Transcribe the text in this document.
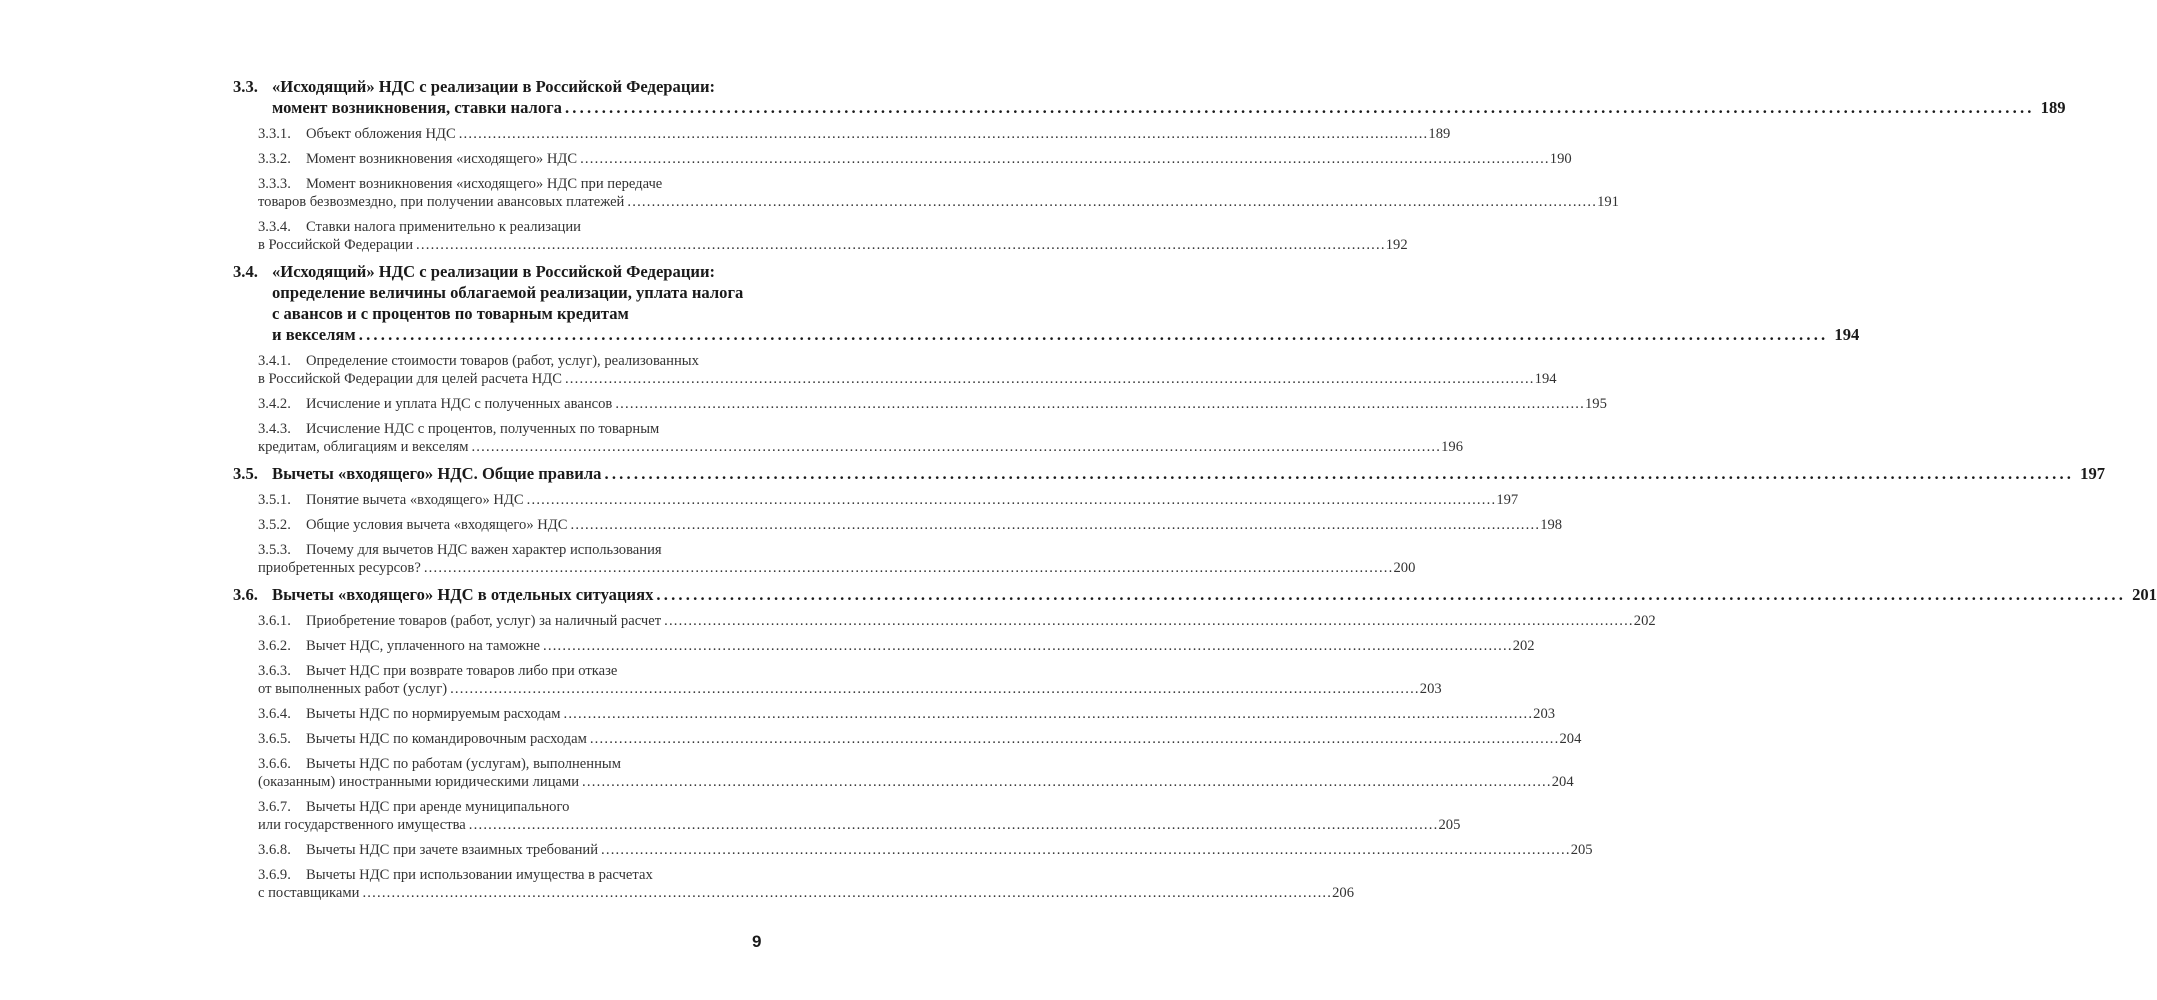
3.3. «Исходящий» НДС с реализации в Российской Федерации:
момент возникновения, ставки налога ........................................................................................................................................................................................................ 189
3.3.1.	Объект обложения НДС ........................................................................................................................................................................................................ 189
3.3.2.	Момент возникновения «исходящего» НДС ........................................................................................................................................................................................................ 190
3.3.3.	Момент возникновения «исходящего» НДС при передаче
товаров безвозмездно, при получении авансовых платежей ........................................................................................................................................................................................................ 191
3.3.4.	Ставки налога применительно к реализации
в Российской Федерации ........................................................................................................................................................................................................ 192
3.4. «Исходящий» НДС с реализации в Российской Федерации:
определение величины облагаемой реализации, уплата налога
с авансов и с процентов по товарным кредитам
и векселям ........................................................................................................................................................................................................ 194
3.4.1.	Определение стоимости товаров (работ, услуг), реализованных
в Российской Федерации для целей расчета НДС ........................................................................................................................................................................................................ 194
3.4.2.	Исчисление и уплата НДС с полученных авансов ........................................................................................................................................................................................................ 195
3.4.3.	Исчисление НДС с процентов, полученных по товарным
кредитам, облигациям и векселям ........................................................................................................................................................................................................ 196
3.5. Вычеты «входящего» НДС. Общие правила ........................................................................................................................................................................................................ 197
3.5.1.	Понятие вычета «входящего» НДС ........................................................................................................................................................................................................ 197
3.5.2.	Общие условия вычета «входящего» НДС ........................................................................................................................................................................................................ 198
3.5.3.	Почему для вычетов НДС важен характер использования
приобретенных ресурсов? ........................................................................................................................................................................................................ 200
3.6. Вычеты «входящего» НДС в отдельных ситуациях ........................................................................................................................................................................................................ 201
3.6.1.	Приобретение товаров (работ, услуг) за наличный расчет ........................................................................................................................................................................................................ 202
3.6.2.	Вычет НДС, уплаченного на таможне ........................................................................................................................................................................................................ 202
3.6.3.	Вычет НДС при возврате товаров либо при отказе
от выполненных работ (услуг) ........................................................................................................................................................................................................ 203
3.6.4.	Вычеты НДС по нормируемым расходам ........................................................................................................................................................................................................ 203
3.6.5.	Вычеты НДС по командировочным расходам ........................................................................................................................................................................................................ 204
3.6.6.	Вычеты НДС по работам (услугам), выполненным
(оказанным) иностранными юридическими лицами ........................................................................................................................................................................................................ 204
3.6.7.	Вычеты НДС при аренде муниципального
или государственного имущества ........................................................................................................................................................................................................ 205
3.6.8.	Вычеты НДС при зачете взаимных требований ........................................................................................................................................................................................................ 205
3.6.9.	Вычеты НДС при использовании имущества в расчетах
с поставщиками ........................................................................................................................................................................................................ 206
9
